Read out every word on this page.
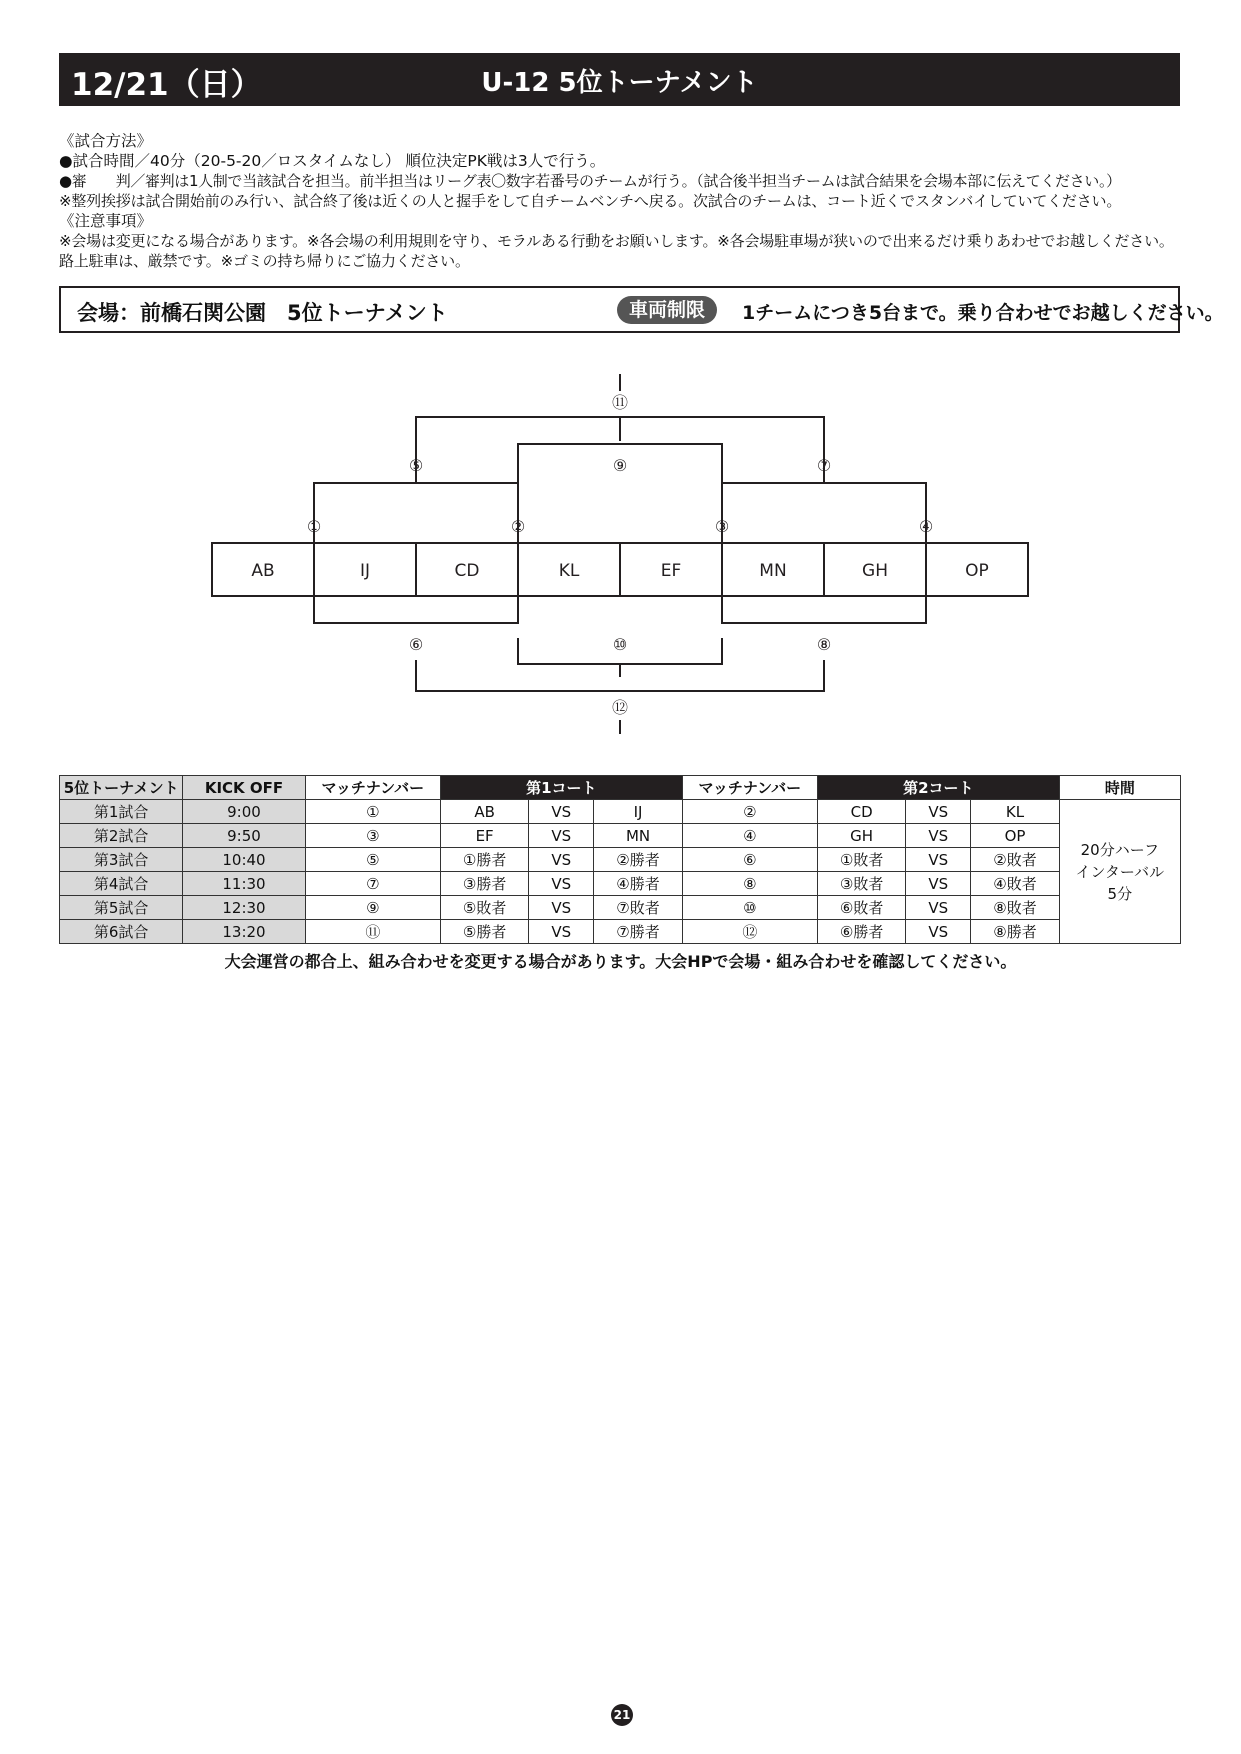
12/21（日）	U-12 5位トーナメント
《試合方法》
●試合時間／40分（20-5-20／ロスタイムなし） 順位決定PK戦は3人で行う。
●審　　判／審判は1人制で当該試合を担当。前半担当はリーグ表〇数字若番号のチームが行う。（試合後半担当チームは試合結果を会場本部に伝えてください。）
※整列挨拶は試合開始前のみ行い、試合終了後は近くの人と握手をして自チームベンチへ戻る。次試合のチームは、コート近くでスタンバイしていてください。
《注意事項》
※会場は変更になる場合があります。※各会場の利用規則を守り、モラルある行動をお願いします。※各会場駐車場が狭いので出来るだけ乗りあわせでお越しください。路上駐車は、厳禁です。※ゴミの持ち帰りにご協力ください。
会場：前橋石関公園　5位トーナメント	車両制限	1チームにつき5台まで。乗り合わせでお越しください。
AB	IJ	CD	KL	EF	MN	GH	OP
⑪
⑤	⑨	⑦
①	②	③	④
⑥	⑩	⑧
⑫
5位トーナメント	KICK OFF	マッチナンバー	第1コート			マッチナンバー	第2コート			時間
第1試合	9:00	①	AB	VS	IJ	②	CD	VS	KL	20分ハーフ
インターバル
5分

第2試合	9:50	③	EF	VS	MN	④	GH	VS	OP	
第3試合	10:40	⑤	①勝者	VS	②勝者	⑥	①敗者	VS	②敗者	
第4試合	11:30	⑦	③勝者	VS	④勝者	⑧	③敗者	VS	④敗者	
第5試合	12:30	⑨	⑤敗者	VS	⑦敗者	⑩	⑥敗者	VS	⑧敗者	
第6試合	13:20	⑪	⑤勝者	VS	⑦勝者	⑫	⑥勝者	VS	⑧勝者	
大会運営の都合上、組み合わせを変更する場合があります。大会HPで会場・組み合わせを確認してください。
21
